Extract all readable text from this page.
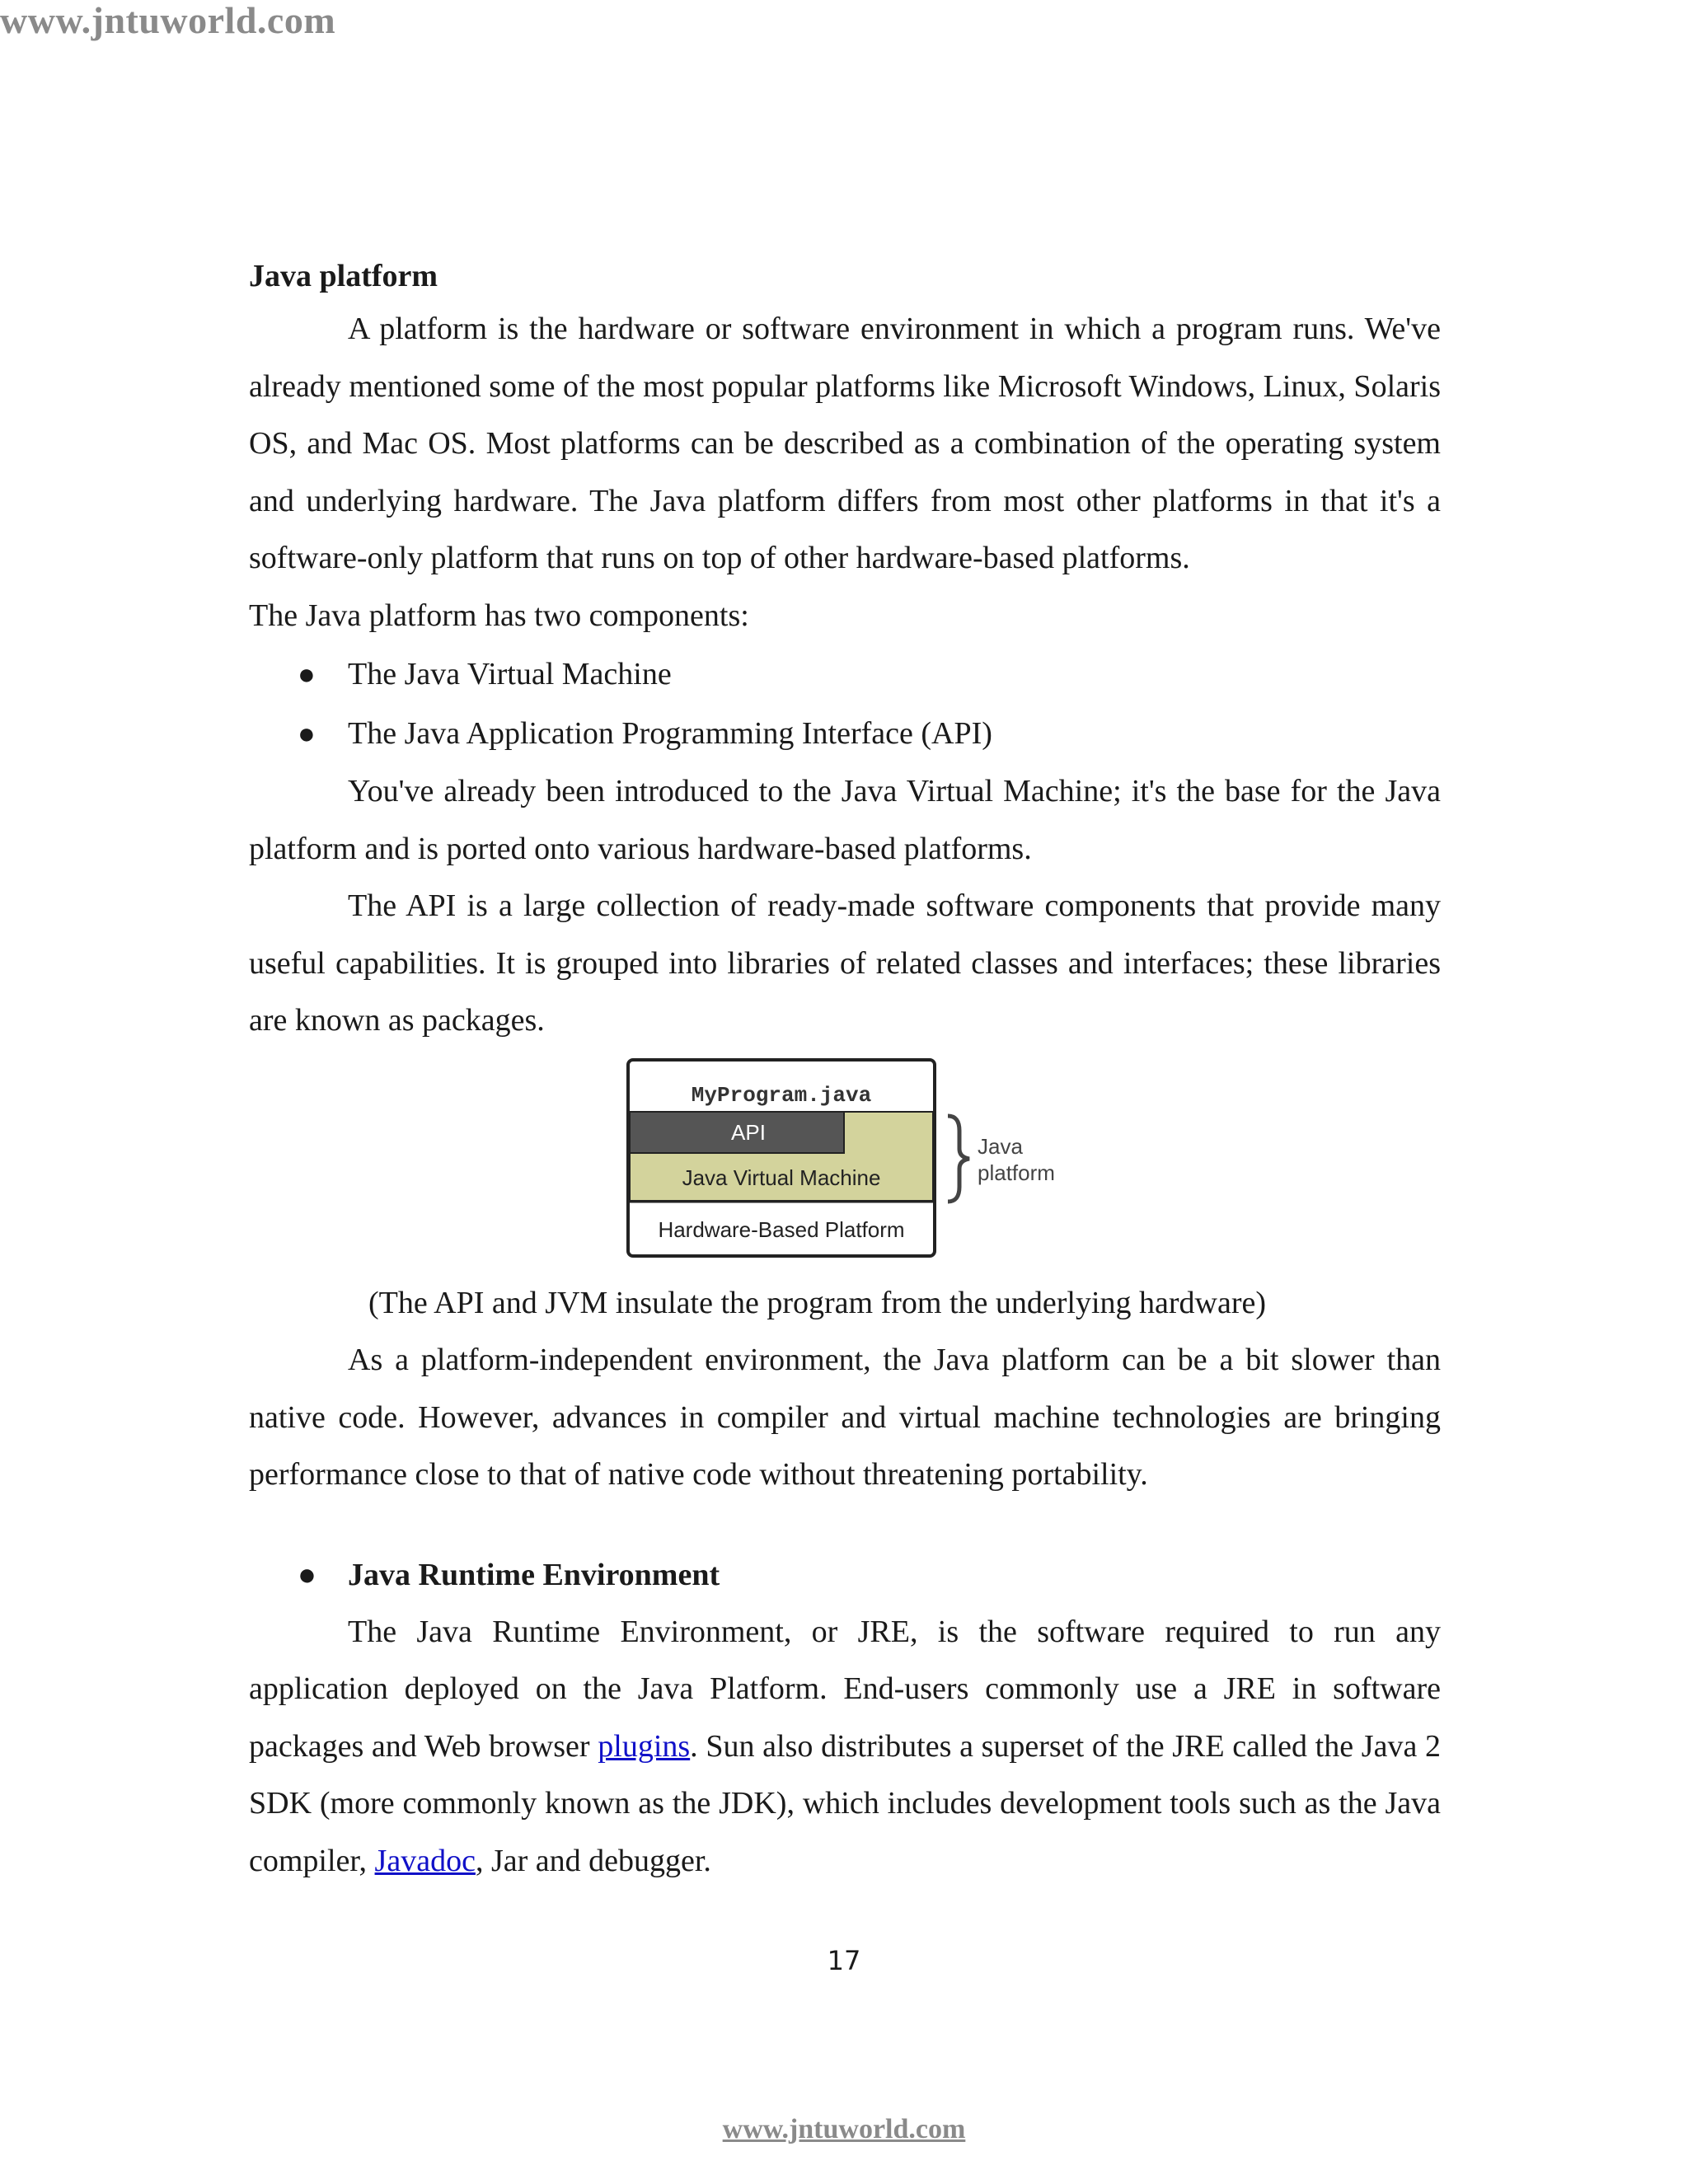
www.jntuworld.com
Java platform

A platform is the hardware or software environment in which a program runs. We've already mentioned some of the most popular platforms like Microsoft Windows, Linux, Solaris OS, and Mac OS. Most platforms can be described as a combination of the operating system and underlying hardware. The Java platform differs from most other platforms in that it's a software-only platform that runs on top of other hardware-based platforms.

The Java platform has two components:

● The Java Virtual Machine
● The Java Application Programming Interface (API)

You've already been introduced to the Java Virtual Machine; it's the base for the Java platform and is ported onto various hardware-based platforms.

The API is a large collection of ready-made software components that provide many useful capabilities. It is grouped into libraries of related classes and interfaces; these libraries are known as packages.

MyProgram.java
API
Java Virtual Machine
Hardware-Based Platform
Java
platform

(The API and JVM insulate the program from the underlying hardware)

As a platform-independent environment, the Java platform can be a bit slower than native code. However, advances in compiler and virtual machine technologies are bringing performance close to that of native code without threatening portability.

● Java Runtime Environment

The Java Runtime Environment, or JRE, is the software required to run any application deployed on the Java Platform. End-users commonly use a JRE in software packages and Web browser plugins. Sun also distributes a superset of the JRE called the Java 2 SDK (more commonly known as the JDK), which includes development tools such as the Java compiler, Javadoc, Jar and debugger.

17
www.jntuworld.com
